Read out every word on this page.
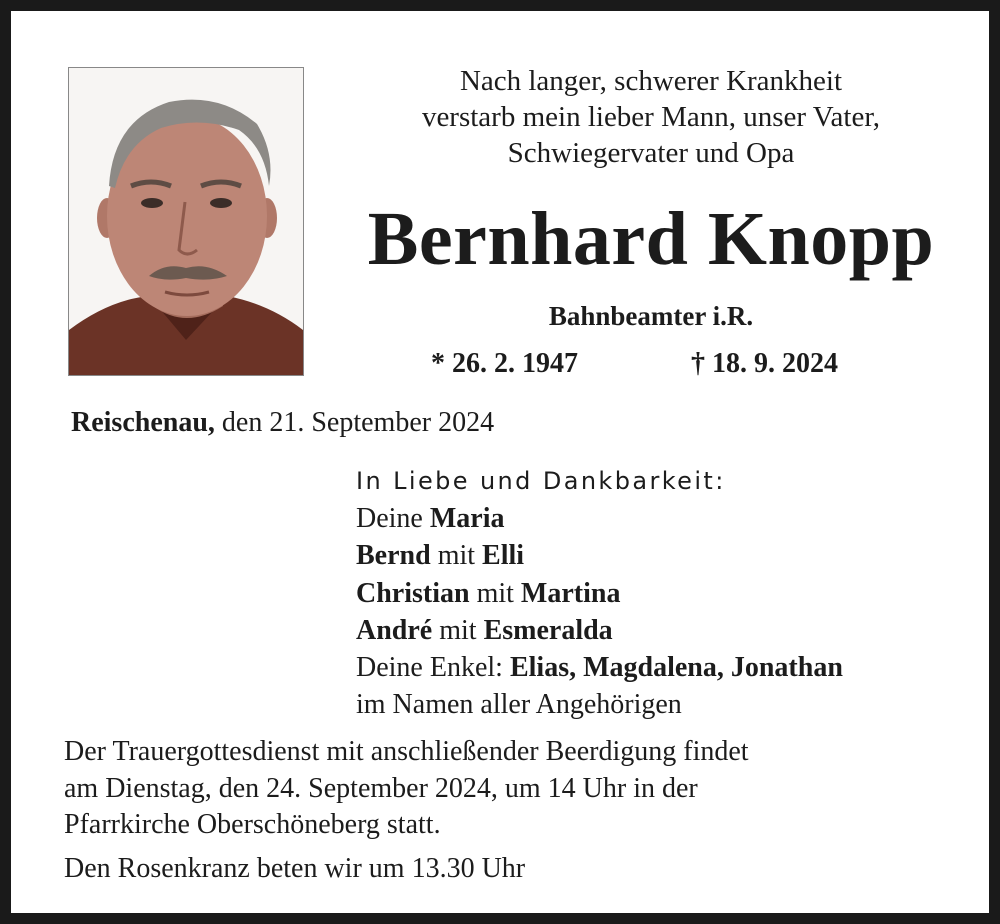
Nach langer, schwerer Krankheit
verstarb mein lieber Mann, unser Vater,
Schwiegervater und Opa
Bernhard Knopp
Bahnbeamter i.R.
* 26. 2. 1947	† 18. 9. 2024
Reischenau, den 21. September 2024
In Liebe und Dankbarkeit:
Deine Maria
Bernd mit Elli
Christian mit Martina
André mit Esmeralda
Deine Enkel: Elias, Magdalena, Jonathan
im Namen aller Angehörigen
Der Trauergottesdienst mit anschließender Beerdigung findet
am Dienstag, den 24. September 2024, um 14 Uhr in der
Pfarrkirche Oberschöneberg statt.
Den Rosenkranz beten wir um 13.30 Uhr
